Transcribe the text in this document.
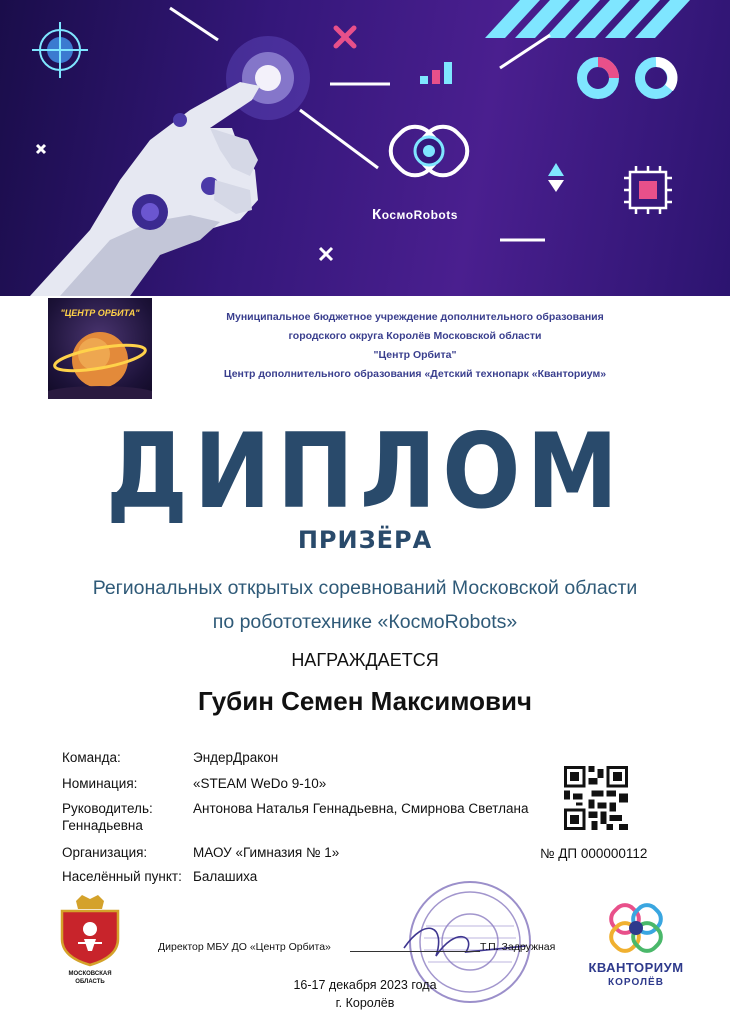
КосмоRobots
"ЦЕНТР ОРБИТА"	Муниципальное бюджетное учреждение дополнительного образования
городского округа Королёв Московской области
"Центр Орбита"
Центр дополнительного образования «Детский технопарк «Кванториум»
ДИПЛОМ
ПРИЗЁРА
Региональных открытых соревнований Московской области
по робототехнике «КосмоRobots»
НАГРАЖДАЕТСЯ
Губин Семен Максимович
Команда:	ЭндерДракон
Номинация:	«STEAM WeDo 9-10»
Руководитель:	Антонова Наталья Геннадьевна, Смирнова Светлана
Геннадьевна
Организация:	МАОУ «Гимназия № 1»
Населённый пункт: Балашиха
№ ДП 000000112
МОСКОВСКАЯ
ОБЛАСТЬ
Директор МБУ ДО «Центр Орбита»	Т.П. Задружная
16-17 декабря 2023 года
г. Королёв
КВАНТОРИУМ
КОРОЛЁВ
